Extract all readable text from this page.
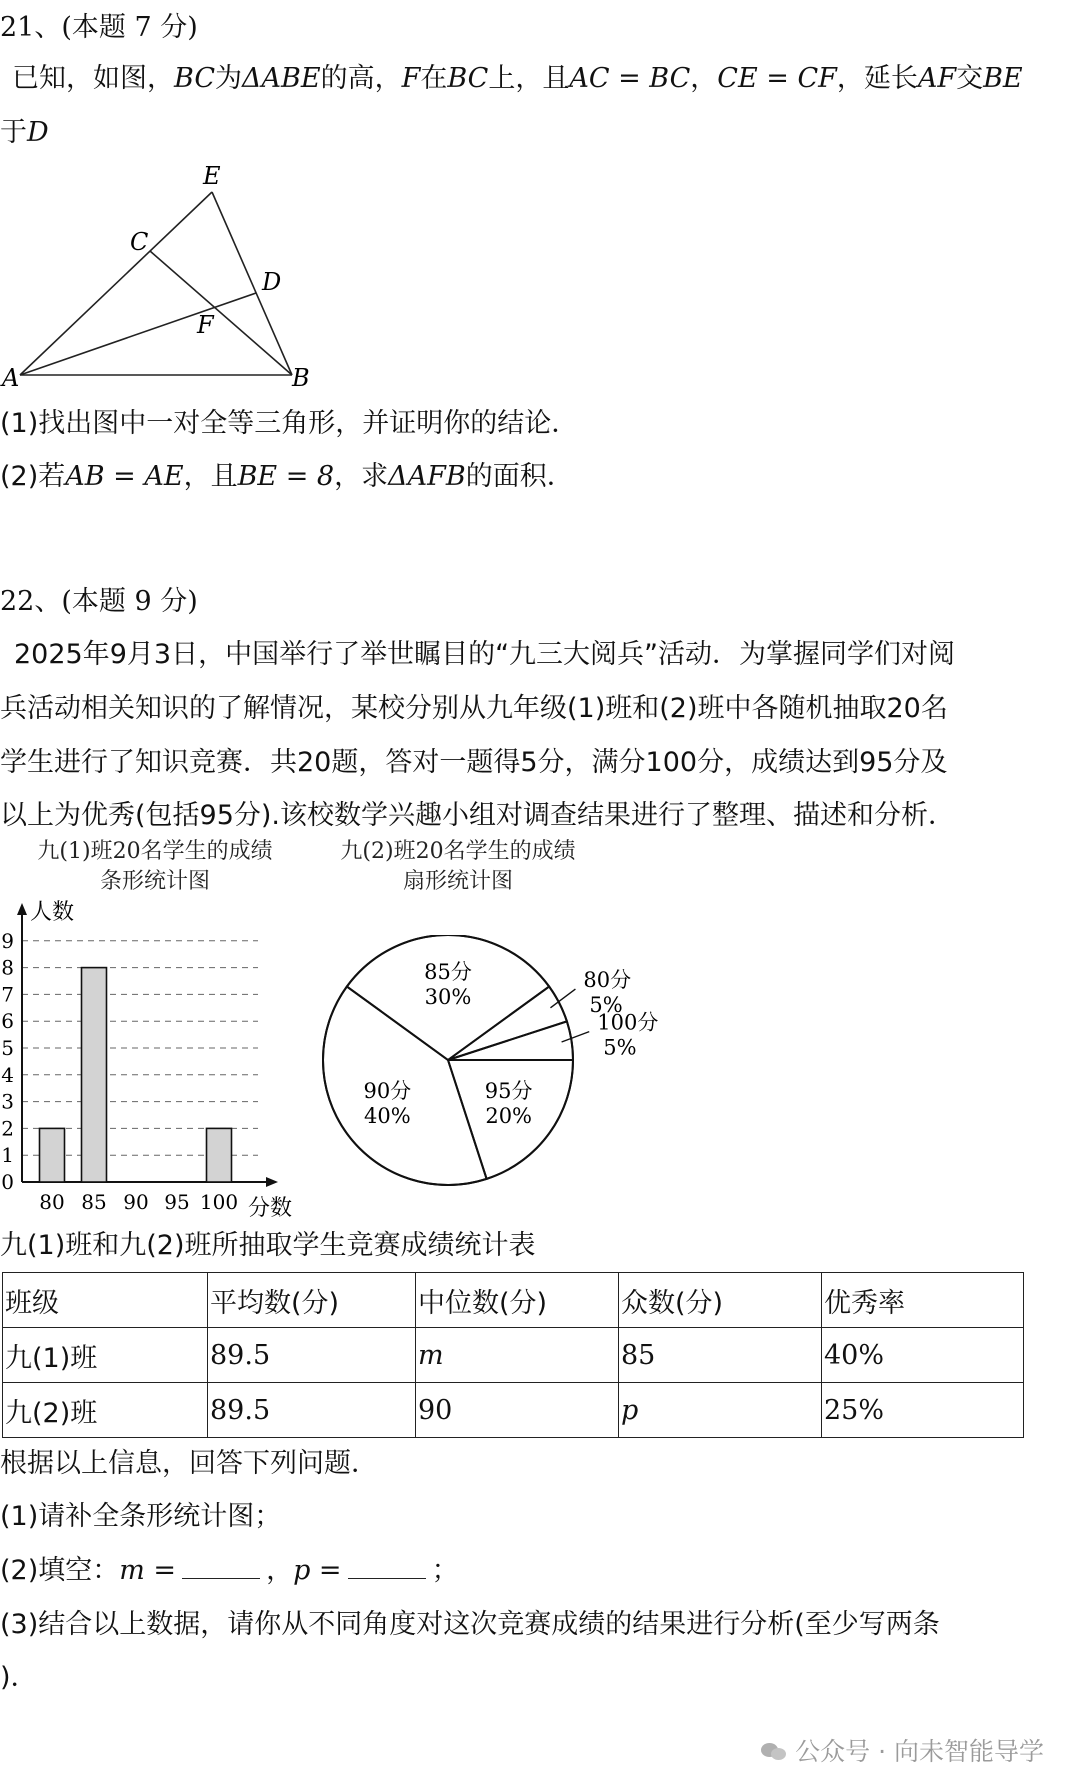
21、(本题 7 分)
已知，如图，BC为ΔABE的高，F在BC上，且AC = BC，CE = CF，延长AF交BE
于D
E
C
D
F
A	B
(1)找出图中一对全等三角形，并证明你的结论．
(2)若AB = AE，且BE = 8，求ΔAFB的面积．
22、(本题 9 分)
2025年9月3日，中国举行了举世瞩目的“九三大阅兵”活动．为掌握同学们对阅
兵活动相关知识的了解情况，某校分别从九年级(1)班和(2)班中各随机抽取20名
学生进行了知识竞赛．共20题，答对一题得5分，满分100分，成绩达到95分及
以上为优秀(包括95分).该校数学兴趣小组对调查结果进行了整理、描述和分析．
九(1)班20名学生的成绩
条形统计图
九(2)班20名学生的成绩
扇形统计图
0
1
2
3
4
5
6
7
8
9
人数
80 85 90 95 100 分数
100分
5%
80分
5%
85分
30%
90分
40%
95分
20%
九(1)班和九(2)班所抽取学生竞赛成绩统计表
班级	平均数(分)	中位数(分)	众数(分)	优秀率
九(1)班	89.5	m	85	40%
九(2)班	89.5	90	p	25%
根据以上信息，回答下列问题．
(1)请补全条形统计图；
(2)填空：m =	，p =	；
(3)结合以上数据，请你从不同角度对这次竞赛成绩的结果进行分析(至少写两条
)．
公众号 · 向未智能导学
